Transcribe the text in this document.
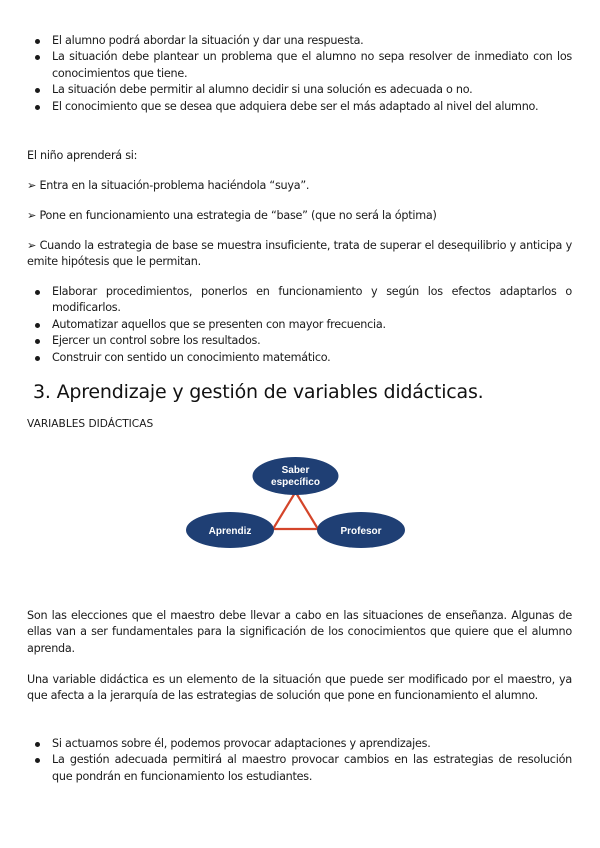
El alumno podrá abordar la situación y dar una respuesta.
La situación debe plantear un problema que el alumno no sepa resolver de inmediato con los conocimientos que tiene.
La situación debe permitir al alumno decidir si una solución es adecuada o no.
El conocimiento que se desea que adquiera debe ser el más adaptado al nivel del alumno.
El niño aprenderá si:
➢ Entra en la situación-problema haciéndola “suya”.
➢ Pone en funcionamiento una estrategia de “base” (que no será la óptima)
➢ Cuando la estrategia de base se muestra insuficiente, trata de superar el desequilibrio y anticipa y emite hipótesis que le permitan.
Elaborar procedimientos, ponerlos en funcionamiento y según los efectos adaptarlos o modificarlos.
Automatizar aquellos que se presenten con mayor frecuencia.
Ejercer un control sobre los resultados.
Construir con sentido un conocimiento matemático.
3. Aprendizaje y gestión de variables didácticas.
VARIABLES DIDÁCTICAS
Saber
específico
Aprendiz	Profesor
Son las elecciones que el maestro debe llevar a cabo en las situaciones de enseñanza. Algunas de ellas van a ser fundamentales para la significación de los conocimientos que quiere que el alumno aprenda.
Una variable didáctica es un elemento de la situación que puede ser modificado por el maestro, ya que afecta a la jerarquía de las estrategias de solución que pone en funcionamiento el alumno.
Si actuamos sobre él, podemos provocar adaptaciones y aprendizajes.
La gestión adecuada permitirá al maestro provocar cambios en las estrategias de resolución que pondrán en funcionamiento los estudiantes.
